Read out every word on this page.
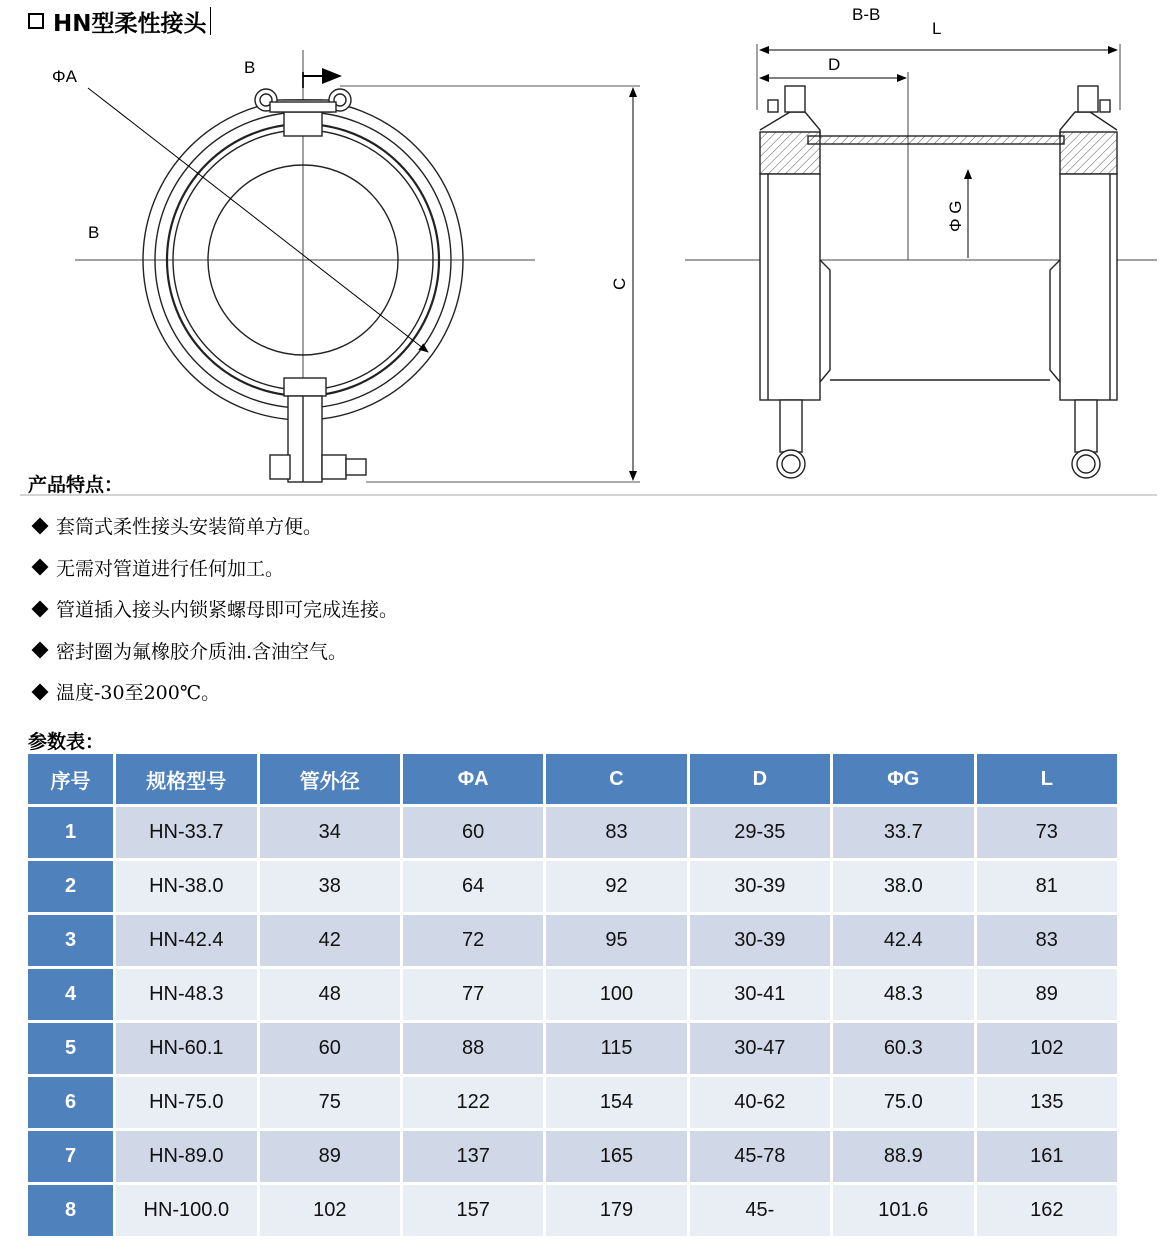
HN型柔性接头
ΦA	B
B
C
B-B
L
D
Φ G
产品特点：
套筒式柔性接头安装简单方便。
无需对管道进行任何加工。
管道插入接头内锁紧螺母即可完成连接。
密封圈为氟橡胶介质油.含油空气。
温度-30至200℃。
参数表：
序号	规格型号	管外径	ΦA	C	D	ΦG	L
1	HN-33.7	34	60	83	29-35	33.7	73
2	HN-38.0	38	64	92	30-39	38.0	81
3	HN-42.4	42	72	95	30-39	42.4	83
4	HN-48.3	48	77	100	30-41	48.3	89
5	HN-60.1	60	88	115	30-47	60.3	102
6	HN-75.0	75	122	154	40-62	75.0	135
7	HN-89.0	89	137	165	45-78	88.9	161
8	HN-100.0	102	157	179	45-	101.6	162
